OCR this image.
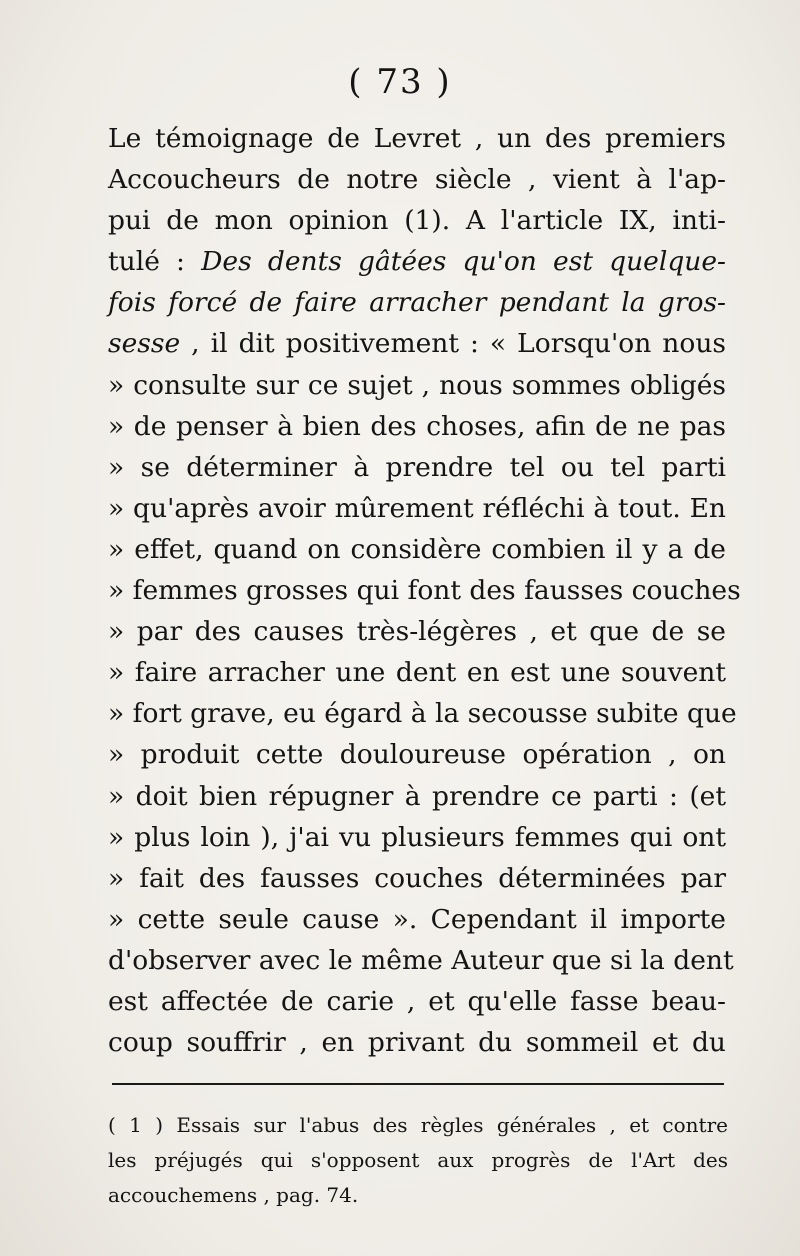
( 73 )
Le témoignage de Levret , un des premiers
Accoucheurs de notre siècle , vient à l'ap-
pui de mon opinion (1). A l'article IX, inti-
tulé : Des dents gâtées qu'on est quelque-
fois forcé de faire arracher pendant la gros-
sesse , il dit positivement : « Lorsqu'on nous
» consulte sur ce sujet , nous sommes obligés
» de penser à bien des choses, afin de ne pas
» se déterminer à prendre tel ou tel parti
» qu'après avoir mûrement réfléchi à tout. En
» effet, quand on considère combien il y a de
» femmes grosses qui font des fausses couches
» par des causes très-légères , et que de se
» faire arracher une dent en est une souvent
» fort grave, eu égard à la secousse subite que
» produit cette douloureuse opération , on
» doit bien répugner à prendre ce parti : (et
» plus loin ), j'ai vu plusieurs femmes qui ont
» fait des fausses couches déterminées par
» cette seule cause ». Cependant il importe
d'observer avec le même Auteur que si la dent
est affectée de carie , et qu'elle fasse beau-
coup souffrir , en privant du sommeil et du
( 1 ) Essais sur l'abus des règles générales , et contre
les préjugés qui s'opposent aux progrès de l'Art des
accouchemens , pag. 74.
